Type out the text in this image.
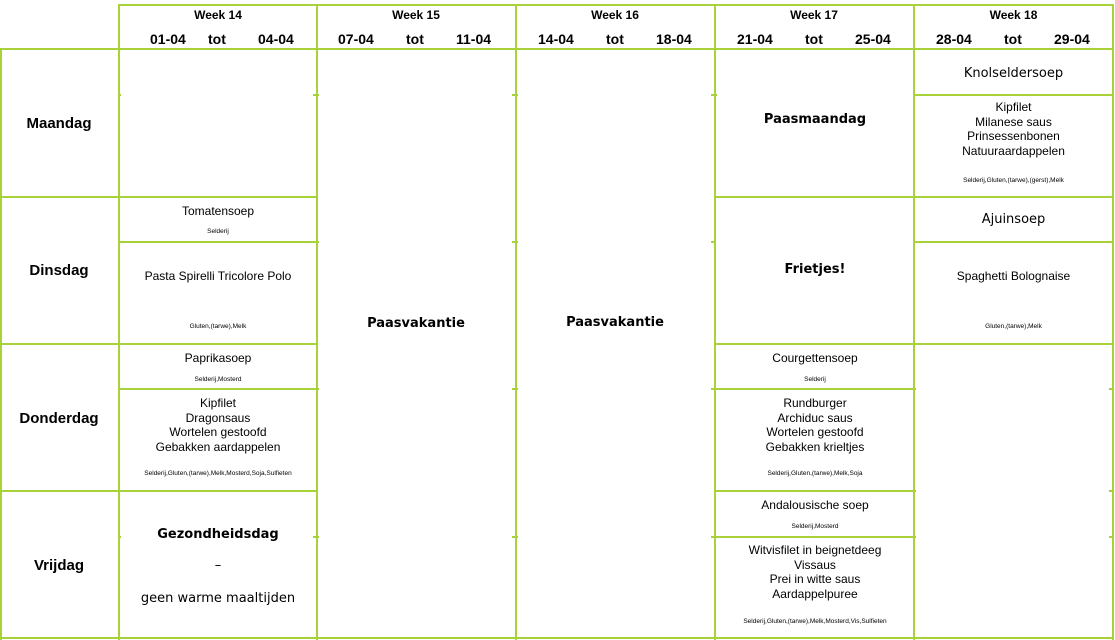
Week 14
01-04 tot 04-04
Week 15
07-04 tot 11-04
Week 16
14-04 tot 18-04
Week 17
21-04 tot 25-04
Week 18
28-04 tot 29-04
Maandag
Dinsdag
Donderdag
Vrijdag
Tomatensoep
Selderij
Pasta Spirelli Tricolore Polo
Gluten,(tarwe),Melk
Paprikasoep
Selderij,Mosterd
Kipfilet
Dragonsaus
Wortelen gestoofd
Gebakken aardappelen
Selderij,Gluten,(tarwe),Melk,Mosterd,Soja,Sulfieten
Gezondheidsdag
–
geen warme maaltijden
Paasvakantie	Paasvakantie
Paasmaandag
Frietjes!
Courgettensoep
Selderij
Rundburger
Archiduc saus
Wortelen gestoofd
Gebakken krieltjes
Selderij,Gluten,(tarwe),Melk,Soja
Andalousische soep
Selderij,Mosterd
Witvisfilet in beignetdeeg
Vissaus
Prei in witte saus
Aardappelpuree
Selderij,Gluten,(tarwe),Melk,Mosterd,Vis,Sulfieten
Knolseldersoep
Kipfilet
Milanese saus
Prinsessenbonen
Natuuraardappelen
Selderij,Gluten,(tarwe),(gerst),Melk
Ajuinsoep
Spaghetti Bolognaise
Gluten,(tarwe),Melk
